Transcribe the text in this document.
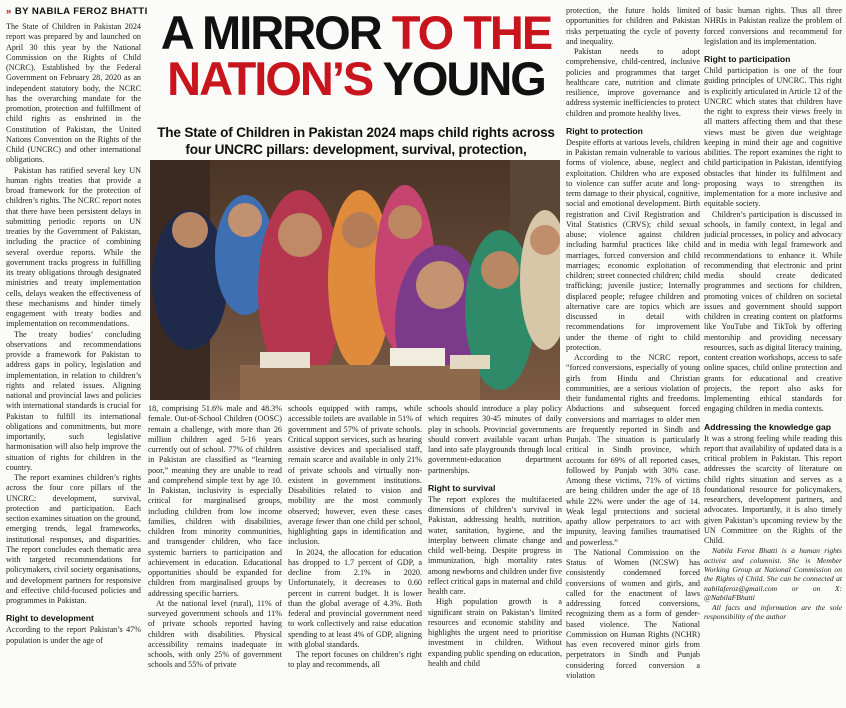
» BY NABILA FEROZ BHATTI A MIRROR TO THE
NATION’S YOUNG
The State of Children in Pakistan 2024 maps child rights across four UNCRC pillars: development, survival, protection,

The State of Children in Pakistan 2024 report was prepared by and launched on April 30 this year by the National Commission on the Rights of Child (NCRC). Established by the Federal Government on February 28, 2020 as an independent statutory body, the NCRC has the overarching mandate for the promotion, protection and fulfillment of child rights as enshrined in the Constitution of Pakistan, the United Nations Convention on the Rights of the Child (UNCRC) and other international obligations.

Pakistan has ratified several key UN human rights treaties that provide a broad framework for the protection of children’s rights. The NCRC report notes that there have been persistent delays in submitting periodic reports on UN treaties by the Government of Pakistan, including the practice of combining several overdue reports. While the government tracks progress in fulfilling its treaty obligations through designated ministries and treaty implementation cells, delays weaken the effectiveness of these mechanisms and hinder timely engagement with treaty bodies and implementation on recommendations.

The treaty bodies’ concluding observations and recommendations provide a framework for Pakistan to address gaps in policy, legislation and implementation, in relation to children’s rights and related issues. Aligning national and provincial laws and policies with international standards is crucial for Pakistan to fulfill its international obligations and commitments, but more importantly, such legislative harmonisation will also help improve the situation of rights for children in the country.

The report examines children’s rights across the four core pillars of the UNCRC: development, survival, protection and participation. Each section examines situation on the ground, emerging trends, legal frameworks, institutional responses, and disparities. The report concludes each thematic area with targeted recommendations for policymakers, civil society organisations, and development partners for responsive and effective child-focused policies and programmes in Pakistan.

Right to development

According to the report Pakistan’s 47% population is under the age of

18, comprising 51.6% male and 48.3% female. Out-of-School Children (OOSC) remain a challenge, with more than 26 million children aged 5-16 years currently out of school. 77% of children in Pakistan are classified as “learning poor,” meaning they are unable to read and comprehend simple text by age 10. In Pakistan, inclusivity is especially critical for marginalised groups, including children from low income families, children with disabilities, children from minority communities, and transgender children, who face systemic barriers to participation and achievement in education. Educational opportunities should be expanded for children from marginalised groups by addressing specific barriers.

At the national level (rural), 11% of surveyed government schools and 11% of private schools reported having children with disabilities. Physical accessibility remains inadequate in schools, with only 25% of government schools and 55% of private

schools equipped with ramps, while accessible toilets are available in 51% of government and 57% of private schools. Critical support services, such as hearing assistive devices and specialised staff, remain scarce and available in only 21% of private schools and virtually non-existent in government institutions. Disabilities related to vision and mobility are the most commonly observed; however, even these cases average fewer than one child per school, highlighting gaps in identification and inclusion.

In 2024, the allocation for education has dropped to 1.7 percent of GDP, a decline from 2.1% in 2020. Unfortunately, it decreases to 0.60 percent in current budget. It is lower than the global average of 4.3%. Both federal and provincial government need to work collectively and raise education spending to at least 4% of GDP, aligning with global standards.

The report focuses on children’s right to play and recommends, all

schools should introduce a play policy which requires 30-45 minutes of daily play in schools. Provincial governments should convert available vacant urban land into safe playgrounds through local government-education department partnerships.

Right to survival

The report explores the multifaceted dimensions of children’s survival in Pakistan, addressing health, nutrition, water, sanitation, hygiene, and the interplay between climate change and child well-being. Despite progress in immunization, high mortality rates among newborns and children under five reflect critical gaps in maternal and child health care.

High population growth is a significant strain on Pakistan’s limited resources and economic stability and highlights the urgent need to prioritise investment in children. Without expanding public spending on education, health and child

protection, the future holds limited opportunities for children and Pakistan risks perpetuating the cycle of poverty and inequality.

Pakistan needs to adopt comprehensive, child-centred, inclusive policies and programmes that target healthcare care, nutrition and climate resilience, improve governance and address systemic inefficiencies to protect children and promote healthy lives.

Right to protection

Despite efforts at various levels, children in Pakistan remain vulnerable to various forms of violence, abuse, neglect and exploitation. Children who are exposed to violence can suffer acute and long-term damage to their physical, cognitive, social and emotional development. Birth registration and Civil Registration and Vital Statistics (CRVS); child sexual abuse; violence against children including harmful practices like child marriages, forced conversion and child marriages; economic exploitation of children; street connected children; child trafficking; juvenile justice; Internally displaced people; refugee children and alternative care are topics which are discussed in detail with recommendations for improvement under the theme of right to child protection.

According to the NCRC report, “forced conversions, especially of young girls from Hindu and Christian communities, are a serious violation of their fundamental rights and freedoms. Abductions and subsequent forced conversions and marriages to older men are frequently reported in Sindh and Punjab. The situation is particularly critical in Sindh province, which accounts for 69% of all reported cases, followed by Punjab with 30% case. Among these victims, 71% of victims are being children under the age of 18 while 22% were under the age of 14. Weak legal protections and societal apathy allow perpetrators to act with impunity, leaving families traumatised and powerless.”

The National Commission on the Status of Women (NCSW) has consistently condemned forced conversions of women and girls, and called for the enactment of laws addressing forced conversions, recognizing them as a form of gender-based violence. The National Commission on Human Rights (NCHR) has even recovered minor girls from perpetrators in Sindh and Punjab considering forced conversion a violation

of basic human rights. Thus all three NHRIs in Pakistan realize the problem of forced conversions and recommend for legislation and its implementation.

Right to participation

Child participation is one of the four guiding principles of UNCRC. This right is explicitly articulated in Article 12 of the UNCRC which states that children have the right to express their views freely in all matters affecting them and that these views must be given due weightage keeping in mind their age and cognitive abilities. The report examines the right to child participation in Pakistan, identifying obstacles that hinder its fulfilment and proposing ways to strengthen its implementation for a more inclusive and equitable society.

Children’s participation is discussed in schools, in family context, in legal and judicial processes, in policy and advocacy and in media with legal framework and recommendations to enhance it. While recommending that electronic and print media should create dedicated programmes and sections for children, promoting voices of children on societal issues and government should support children in creating content on platforms like YouTube and TikTok by offering mentorship and providing necessary resources, such as digital literacy training, content creation workshops, access to safe online spaces, child online protection and grants for educational and creative projects, the report also asks for Implementing ethical standards for engaging children in media contexts.

Addressing the knowledge gap

It was a strong feeling while reading this report that availability of updated data is a critical problem in Pakistan. This report addresses the scarcity of literature on child rights situation and serves as a foundational resource for policymakers, researchers, development partners, and advocates. Importantly, it is also timely given Pakistan’s upcoming review by the UN Committee on the Rights of the Child.

Nabila Feroz Bhatti is a human rights activist and columnist. She is Member Working Group at National Commission on the Rights of Child. She can be connected at nabilaferoz@gmail.com or on X: @NabilaFBhatti

All facts and information are the sole responsibility of the author
